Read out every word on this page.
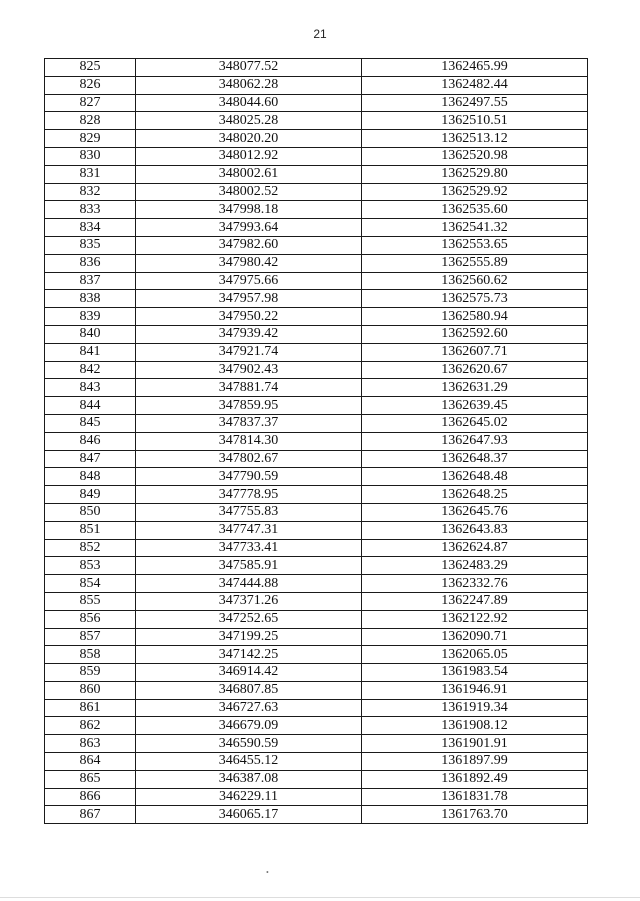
21
825	348077.52	1362465.99
826	348062.28	1362482.44
827	348044.60	1362497.55
828	348025.28	1362510.51
829	348020.20	1362513.12
830	348012.92	1362520.98
831	348002.61	1362529.80
832	348002.52	1362529.92
833	347998.18	1362535.60
834	347993.64	1362541.32
835	347982.60	1362553.65
836	347980.42	1362555.89
837	347975.66	1362560.62
838	347957.98	1362575.73
839	347950.22	1362580.94
840	347939.42	1362592.60
841	347921.74	1362607.71
842	347902.43	1362620.67
843	347881.74	1362631.29
844	347859.95	1362639.45
845	347837.37	1362645.02
846	347814.30	1362647.93
847	347802.67	1362648.37
848	347790.59	1362648.48
849	347778.95	1362648.25
850	347755.83	1362645.76
851	347747.31	1362643.83
852	347733.41	1362624.87
853	347585.91	1362483.29
854	347444.88	1362332.76
855	347371.26	1362247.89
856	347252.65	1362122.92
857	347199.25	1362090.71
858	347142.25	1362065.05
859	346914.42	1361983.54
860	346807.85	1361946.91
861	346727.63	1361919.34
862	346679.09	1361908.12
863	346590.59	1361901.91
864	346455.12	1361897.99
865	346387.08	1361892.49
866	346229.11	1361831.78
867	346065.17	1361763.70
•
